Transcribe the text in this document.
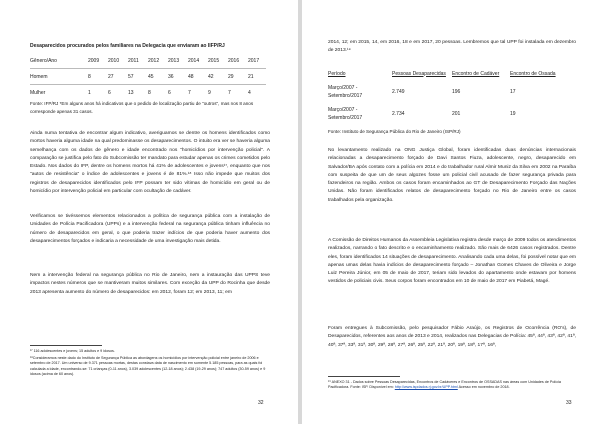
Desaparecidos procurados pelos familiares na Delegacia que enviaram ao IIFP/RJ
Gênero/Ano	2009	2010	2011	2012	2013	2014	2015	2016	2017
Homem	8	27	57	45	36	48	42	29	21
Mulher	1	6	13	8	6	7	9	7	4
Fonte: IFP/RJ *Em alguns anos há indicativos que o pedido de localização partiu de "outros", mas nos 8 anos corresponde apenas 31 casos.
Ainda numa tentativa de encontrar algum indicativo, averiguamos se dentre os homens identificados como mortos haveria alguma idade na qual predominasse os desaparecimentos. O intuito era ver se haveria alguma semelhança com os dados de gênero e idade encontrado nos "homicídios por intervenção policial". A comparação se justifica pelo fato do Subcomissão ter mandato para estudar apenas os crimes cometidos pelo Estado. Nos dados do IFP, dentre os homens mortos há 41% de adolescentes e jovens¹⁷, enquanto que nos "autos de resistência" o índice de adolescentes e jovens é de 81%.¹⁸ Isso não impede que muitos dos registros de desaparecidos identificados pelo IFP possam ter sido vítimas de homicídio em geral ou de homicídio por intervenção policial em particular com ocultação de cadáver.
Verificamos se tivéssemos elementos relacionados a política de segurança pública com a instalação de Unidades de Polícia Pacificadora (UPPs) e a intervenção federal na segurança pública tinham influência no número de desaparecidos em geral, o que poderia trazer indícios de que poderia haver aumento dos desaparecimentos forçados e indicaria a necessidade de uma investigação mais detida.
Nem a intervenção federal na segurança pública no Rio de Janeiro, nem a instauração das UPPS teve impactos nestes números que se mantiveram muitos similares. Com exceção da UPP do Rocinha que desde 2013 apresenta aumento do número de desaparecidos: em 2012, foram 12; em 2013, 11; em
¹⁷ 116 adolescentes e jovens; 15 adultos e 9 idosos.
¹⁸Consideramos neste dado do Instituto de Segurança Pública as abordagens os homicídios por intervenção policial entre janeiro de 2006 e setembro de 2017. Um universo de 9.371 pessoas mortas, destas constava data de nascimento em somente 5.185 pessoas, para as quais foi calculada a idade, encontrando-se: 71 crianças (0-11 anos), 3.039 adolescentes (12-18 anos); 2.438 (19-29 anos); 747 adultos (30-59 anos) e 9 idosos (acima de 60 anos).
32
2014, 12; em 2015, 14, em 2016, 18 e em 2017, 20 pessoas. Lembremos que tal UPP foi instalada em dezembro de 2013.¹⁹
Período	Pessoas Desaparecidas	Encontro de Cadáver	Encontro de Ossada
Março/2007 - Setembro/2017	2.749	196	17
Março/2007 - Setembro/2017	2.734	201	19
Fonte: Instituto de Segurança Pública do Rio de Janeiro (ISP/RJ)
No levantamento realizado na ONG Justiça Global, foram identificadas duas denúncias internacionais relacionadas a desaparecimento forçado de Davi Santos Fiuza, adolescente, negro, desaparecido em Salvador/BA após contato com a polícia em 2014 e do trabalhador rural Almir Muniz da Silva em 2002 na Paraíba com suspeita de que um de seus algozes fosse um policial civil acusado de fazer segurança privada para fazendeiros na região. Ambos os casos foram encaminhados ao GT de Desaparecimento Forçado das Nações Unidas. Não foram identificados relatos de desaparecimento forçado no Rio de Janeiro entre os casos trabalhados pela organização.
A Comissão de Direitos Humanos da Assembleia Legislativa registra desde março de 2009 todos os atendimentos realizados, narrando o fato descrito e o encaminhamento realizado. São mais de 6426 casos registrados. Dentre eles, foram identificados 14 situações de desaparecimento. Analisando cada uma delas, foi possível notar que em apenas umas delas havia indícios de desaparecimento forçado – Jonathan Gomes Chaves de Oliveira e Jorge Luiz Pereira Júnior, em 05 de maio de 2017, teriam sido levados do apartamento onde estavam por homens vestidos de policiais civis. Seus corpos foram encontrados em 10 de maio de 2017 em Piabetá, Magé.
Foram entregues à Subcomissão, pelo pesquisador Fábio Araújo, os Registros de Ocorrência (RO's), de Desaparecidos, referentes aos anos de 2013 e 2014, realizados nas Delegacias de Polícia: 45ª, 44ª, 43ª, 42ª, 41ª, 40ª, 37ª, 33ª, 31ª, 30ª, 29ª, 28ª, 27ª, 26ª, 25ª, 22ª, 21ª, 20ª, 19ª, 18ª, 17ª, 16ª,
¹⁹ ANEXO 31 - Dados sobre Pessoas Desaparecidas, Encontros de Cadáveres e Encontros de OSSADAS nas áreas com Unidades de Polícia Pacificadora. Fonte: ISP. Disponível em: http://www.ispdados.rj.gov.br/UPP.html Acesso em novembro de 2018.
33
